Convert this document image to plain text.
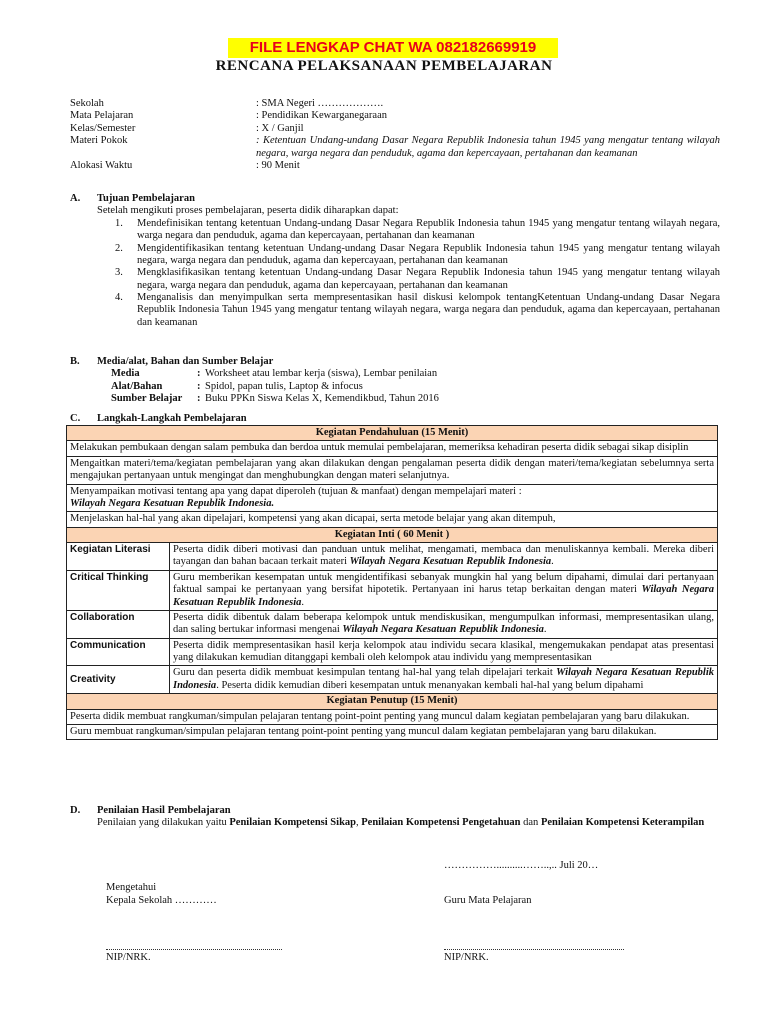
FILE LENGKAP CHAT WA 082182669919
RENCANA PELAKSANAAN PEMBELAJARAN
Sekolah	: SMA Negeri ……………….
Mata Pelajaran	: Pendidikan Kewarganegaraan
Kelas/Semester	: X / Ganjil
Materi Pokok	: Ketentuan Undang-undang Dasar Negara Republik Indonesia tahun 1945 yang mengatur tentang wilayah negara, warga negara dan penduduk, agama dan kepercayaan, pertahanan dan keamanan
Alokasi Waktu	: 90 Menit
A.	Tujuan Pembelajaran
Setelah mengikuti proses pembelajaran, peserta didik diharapkan dapat:
1.	Mendefinisikan tentang ketentuan Undang-undang Dasar Negara Republik Indonesia tahun 1945 yang mengatur tentang wilayah negara, warga negara dan penduduk, agama dan kepercayaan, pertahanan dan keamanan
2.	Mengidentifikasikan tentang ketentuan Undang-undang Dasar Negara Republik Indonesia tahun 1945 yang mengatur tentang wilayah negara, warga negara dan penduduk, agama dan kepercayaan, pertahanan dan keamanan
3.	Mengklasifikasikan tentang ketentuan Undang-undang Dasar Negara Republik Indonesia tahun 1945 yang mengatur tentang wilayah negara, warga negara dan penduduk, agama dan kepercayaan, pertahanan dan keamanan
4.	Menganalisis dan menyimpulkan serta mempresentasikan hasil diskusi kelompok tentangKetentuan Undang-undang Dasar Negara Republik Indonesia Tahun 1945 yang mengatur tentang wilayah negara, warga negara dan penduduk, agama dan kepercayaan, pertahanan dan keamanan
B.	Media/alat, Bahan dan Sumber Belajar
Media	: Worksheet atau lembar kerja (siswa), Lembar penilaian
Alat/Bahan	: Spidol, papan tulis, Laptop & infocus
Sumber Belajar	: Buku PPKn Siswa Kelas X, Kemendikbud, Tahun 2016
C.	Langkah-Langkah Pembelajaran
Kegiatan Pendahuluan (15 Menit)	
Melakukan pembukaan dengan salam pembuka dan berdoa untuk memulai pembelajaran, memeriksa kehadiran peserta didik sebagai sikap disiplin	
Mengaitkan materi/tema/kegiatan pembelajaran yang akan dilakukan dengan pengalaman peserta didik dengan materi/tema/kegiatan sebelumnya serta mengajukan pertanyaan untuk mengingat dan menghubungkan dengan materi selanjutnya.	

Menyampaikan motivasi tentang apa yang dapat diperoleh (tujuan & manfaat) dengan mempelajari materi :
Wilayah Negara Kesatuan Republik Indonesia.	

Menjelaskan hal-hal yang akan dipelajari, kompetensi yang akan dicapai, serta metode belajar yang akan ditempuh,	
Kegiatan Inti ( 60 Menit )	
Kegiatan Literasi	Peserta didik diberi motivasi dan panduan untuk melihat, mengamati, membaca dan menuliskannya kembali. Mereka diberi tayangan dan bahan bacaan terkait materi Wilayah Negara Kesatuan Republik Indonesia.
Critical Thinking	Guru memberikan kesempatan untuk mengidentifikasi sebanyak mungkin hal yang belum dipahami, dimulai dari pertanyaan faktual sampai ke pertanyaan yang bersifat hipotetik. Pertanyaan ini harus tetap berkaitan dengan materi Wilayah Negara Kesatuan Republik Indonesia.
Collaboration	Peserta didik dibentuk dalam beberapa kelompok untuk mendiskusikan, mengumpulkan informasi, mempresentasikan ulang, dan saling bertukar informasi mengenai Wilayah Negara Kesatuan Republik Indonesia.
Communication	Peserta didik mempresentasikan hasil kerja kelompok atau individu secara klasikal, mengemukakan pendapat atas presentasi yang dilakukan kemudian ditanggapi kembali oleh kelompok atau individu yang mempresentasikan
Creativity	Guru dan peserta didik membuat kesimpulan tentang hal-hal yang telah dipelajari terkait Wilayah Negara Kesatuan Republik Indonesia. Peserta didik kemudian diberi kesempatan untuk menanyakan kembali hal-hal yang belum dipahami
Kegiatan Penutup (15 Menit)	
Peserta didik membuat rangkuman/simpulan pelajaran tentang point-point penting yang muncul dalam kegiatan pembelajaran yang baru dilakukan.	
Guru membuat rangkuman/simpulan pelajaran tentang point-point penting yang muncul dalam kegiatan pembelajaran yang baru dilakukan.	
D.	Penilaian Hasil Pembelajaran
Penilaian yang dilakukan yaitu Penilaian Kompetensi Sikap, Penilaian Kompetensi Pengetahuan dan Penilaian Kompetensi Keterampilan
……………..........……..,.. Juli 20…
Mengetahui
Kepala Sekolah …………	Guru Mata Pelajaran
NIP/NRK.	NIP/NRK.
